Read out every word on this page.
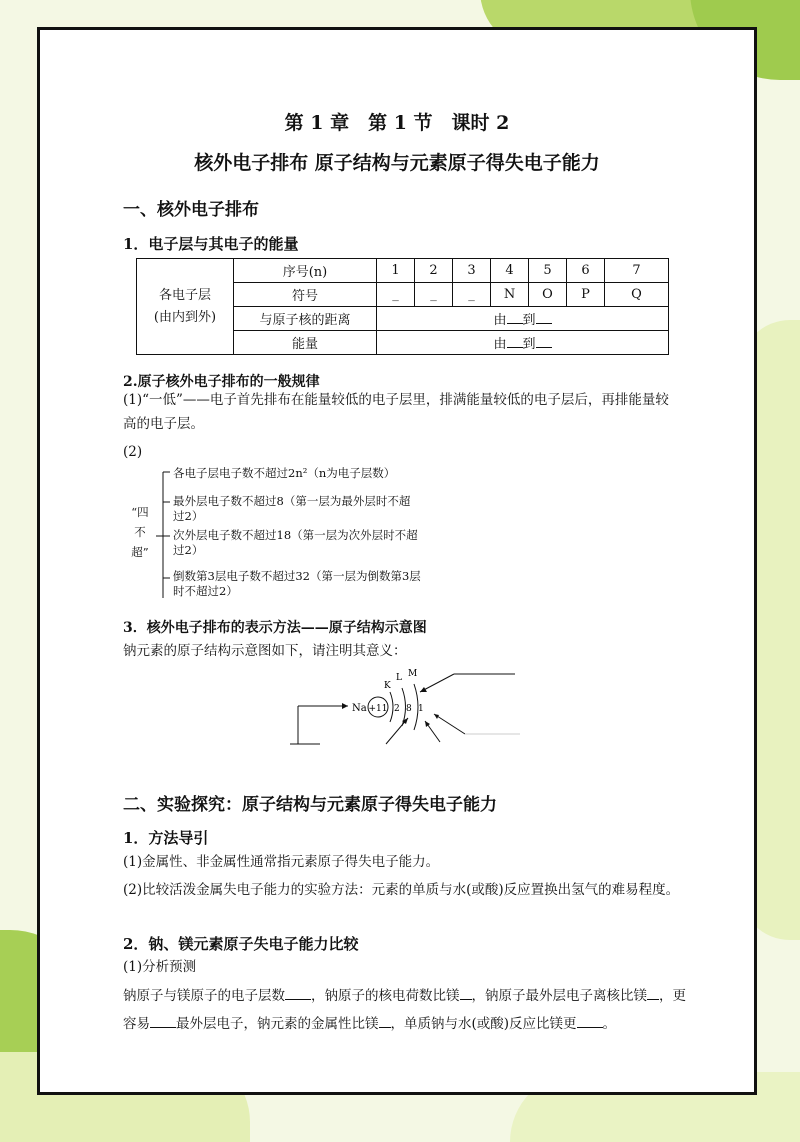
第 1 章　第 1 节　课时 2
核外电子排布 原子结构与元素原子得失电子能力
一、核外电子排布
1．电子层与其电子的能量
各电子层
(由内到外)	序号(n)	1	2	3	4	5	6	7
	符号	_	_	_	N	O	P	Q
	与原子核的距离	由 到						
	能量	由 到						
2.原子核外电子排布的一般规律
(1)“一低”——电子首先排布在能量较低的电子层里，排满能量较低的电子层后，再排能量较高的电子层。
(2)
“四
不
超”
各电子层电子数不超过2n²（n为电子层数）
最外层电子数不超过8（第一层为最外层时不超过2）
次外层电子数不超过18（第一层为次外层时不超过2）
倒数第3层电子数不超过32（第一层为倒数第3层时不超过2）
3．核外电子排布的表示方法——原子结构示意图
钠元素的原子结构示意图如下，请注明其意义：
Na +11 2 8 1
K
L M
二、实验探究：原子结构与元素原子得失电子能力
1．方法导引
(1)金属性、非金属性通常指元素原子得失电子能力。
(2)比较活泼金属失电子能力的实验方法：元素的单质与水(或酸)反应置换出氢气的难易程度。
2．钠、镁元素原子失电子能力比较
(1)分析预测
钠原子与镁原子的电子层数 ，钠原子的核电荷数比镁 ，钠原子最外层电子离核比镁 ，更容易 最外层电子，钠元素的金属性比镁 ，单质钠与水(或酸)反应比镁更 。
